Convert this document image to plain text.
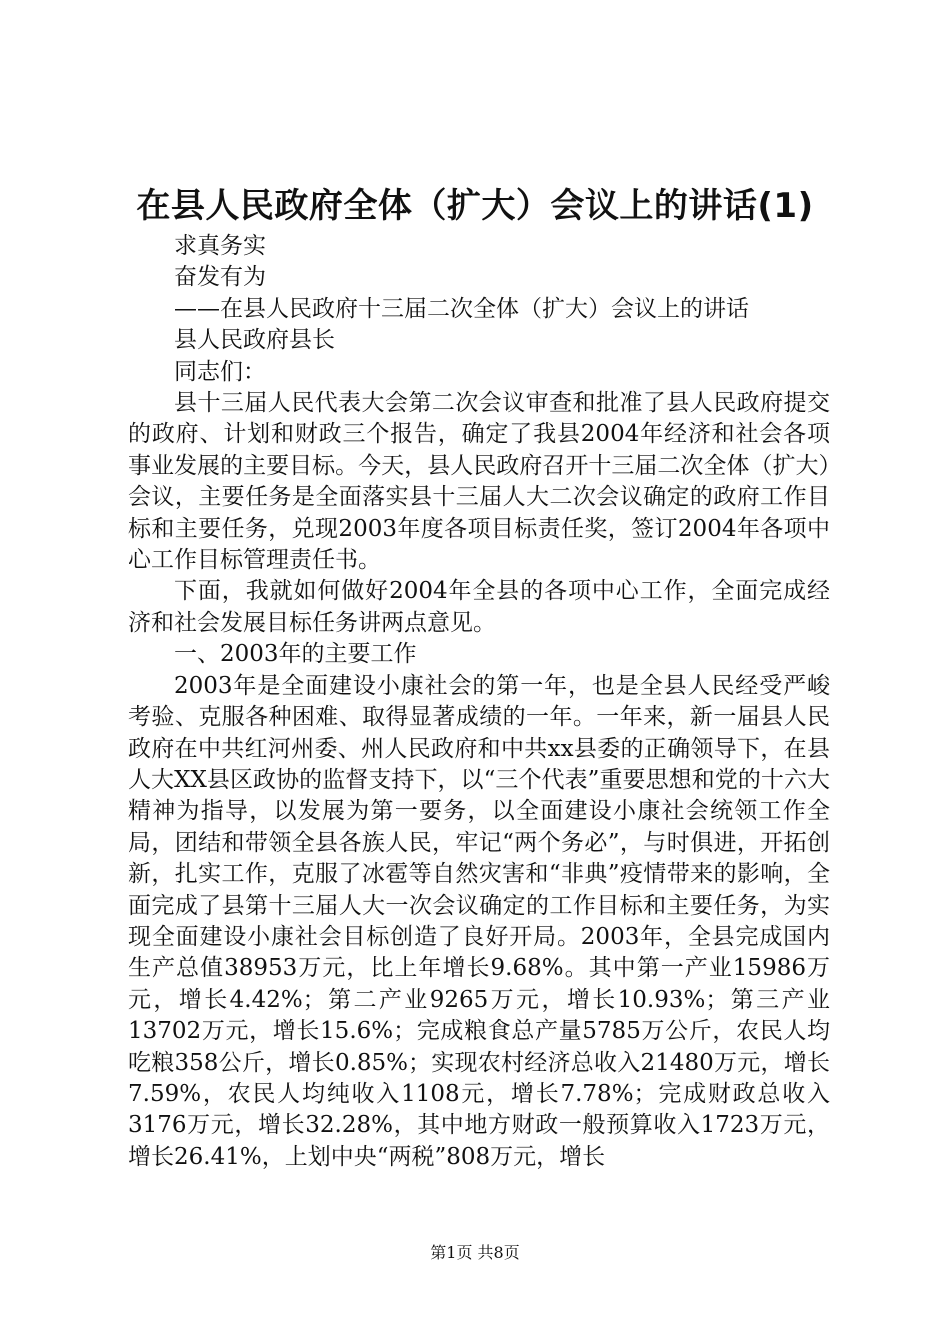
在县人民政府全体（扩大）会议上的讲话(1)

求真务实

奋发有为

——在县人民政府十三届二次全体（扩大）会议上的讲话

县人民政府县长

同志们：

县十三届人民代表大会第二次会议审查和批准了县人民政府提交的政府、计划和财政三个报告，确定了我县2004年经济和社会各项事业发展的主要目标。今天，县人民政府召开十三届二次全体（扩大）会议，主要任务是全面落实县十三届人大二次会议确定的政府工作目标和主要任务，兑现2003年度各项目标责任奖，签订2004年各项中心工作目标管理责任书。

下面，我就如何做好2004年全县的各项中心工作，全面完成经济和社会发展目标任务讲两点意见。

一、2003年的主要工作

2003年是全面建设小康社会的第一年，也是全县人民经受严峻考验、克服各种困难、取得显著成绩的一年。一年来，新一届县人民政府在中共红河州委、州人民政府和中共xx县委的正确领导下，在县人大XX县区政协的监督支持下，以“三个代表”重要思想和党的十六大精神为指导，以发展为第一要务，以全面建设小康社会统领工作全局，团结和带领全县各族人民，牢记“两个务必”，与时俱进，开拓创新，扎实工作，克服了冰雹等自然灾害和“非典”疫情带来的影响，全面完成了县第十三届人大一次会议确定的工作目标和主要任务，为实现全面建设小康社会目标创造了良好开局。2003年，全县完成国内生产总值38953万元，比上年增长9.68%。其中第一产业15986万元，增长4.42%；第二产业9265万元，增长10.93%；第三产业13702万元，增长15.6%；完成粮食总产量5785万公斤，农民人均吃粮358公斤，增长0.85%；实现农村经济总收入21480万元，增长7.59%，农民人均纯收入1108元，增长7.78%；完成财政总收入3176万元，增长32.28%，其中地方财政一般预算收入1723万元，增长26.41%，上划中央“两税”808万元，增长

第1页 共8页
